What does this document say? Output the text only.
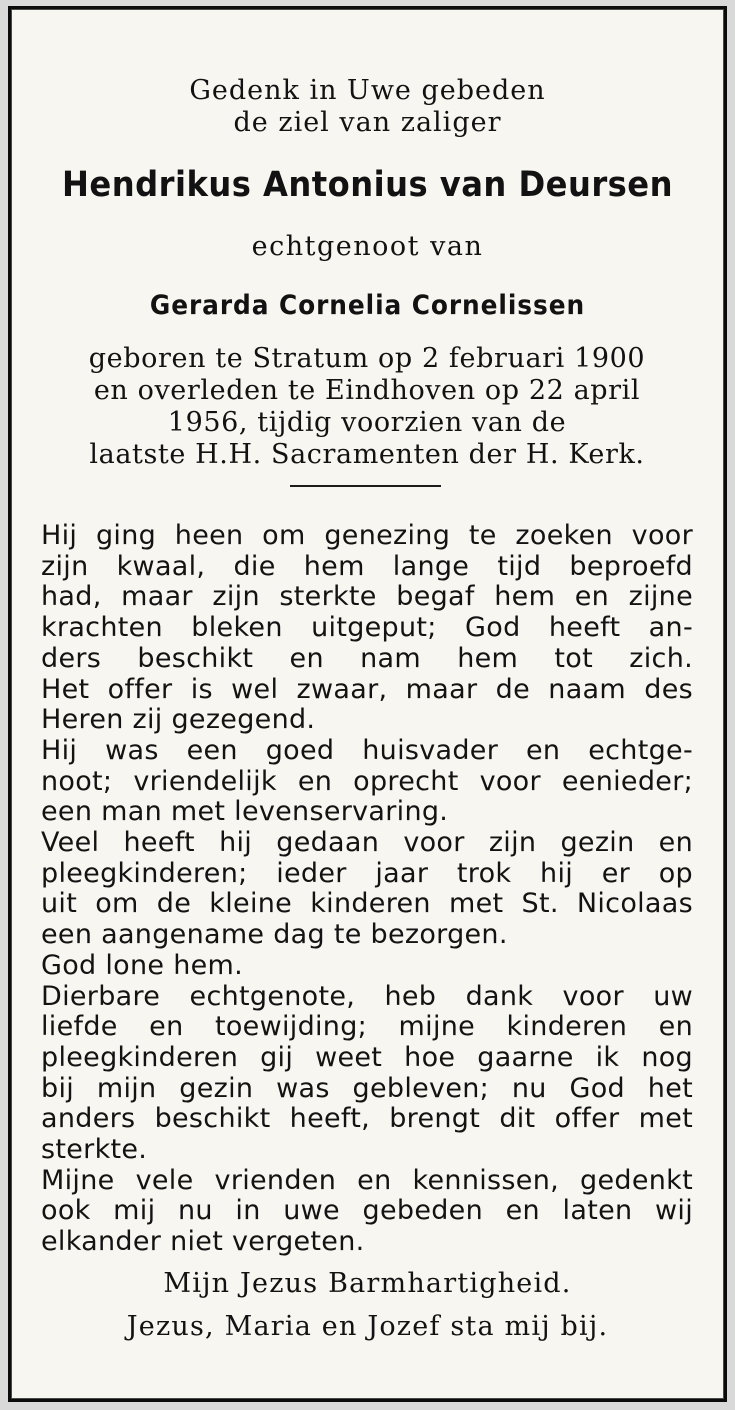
Gedenk in Uwe gebeden
de ziel van zaliger
Hendrikus Antonius van Deursen
echtgenoot van
Gerarda Cornelia Cornelissen
geboren te Stratum op 2 februari 1900
en overleden te Eindhoven op 22 april
1956, tijdig voorzien van de
laatste H.H. Sacramenten der H. Kerk.
Hij ging heen om genezing te zoeken voor
zijn kwaal, die hem lange tijd beproefd
had, maar zijn sterkte begaf hem en zijne
krachten bleken uitgeput; God heeft an-
ders beschikt en nam hem tot zich.
Het offer is wel zwaar, maar de naam des
Heren zij gezegend.
Hij was een goed huisvader en echtge-
noot; vriendelijk en oprecht voor eenieder;
een man met levenservaring.
Veel heeft hij gedaan voor zijn gezin en
pleegkinderen; ieder jaar trok hij er op
uit om de kleine kinderen met St. Nicolaas
een aangename dag te bezorgen.
God lone hem.
Dierbare echtgenote, heb dank voor uw
liefde en toewijding; mijne kinderen en
pleegkinderen gij weet hoe gaarne ik nog
bij mijn gezin was gebleven; nu God het
anders beschikt heeft, brengt dit offer met
sterkte.
Mijne vele vrienden en kennissen, gedenkt
ook mij nu in uwe gebeden en laten wij
elkander niet vergeten.
Mijn Jezus Barmhartigheid.
Jezus, Maria en Jozef sta mij bij.
